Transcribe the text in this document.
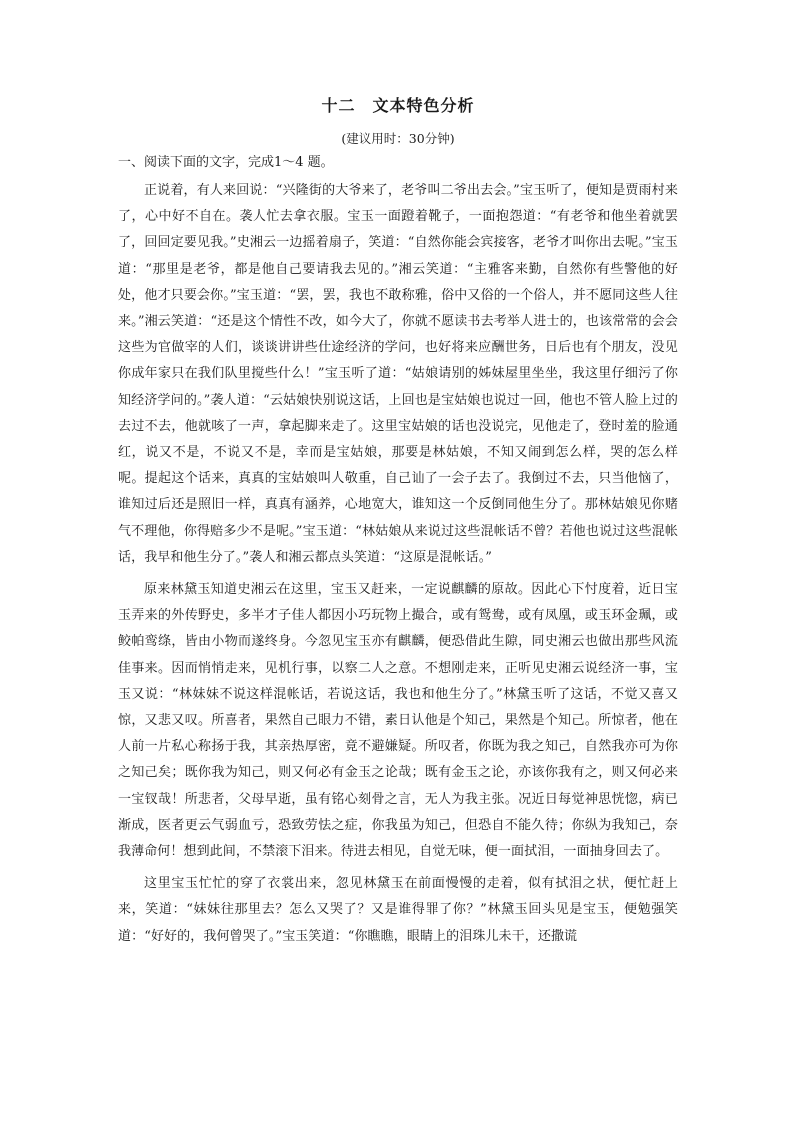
十二　文本特色分析
(建议用时：30分钟)
一、阅读下面的文字，完成1～4 题。

正说着，有人来回说：“兴隆街的大爷来了，老爷叫二爷出去会。”宝玉听了，便知是贾雨村来了，心中好不自在。袭人忙去拿衣服。宝玉一面蹬着靴子，一面抱怨道：“有老爷和他坐着就罢了，回回定要见我。”史湘云一边摇着扇子，笑道：“自然你能会宾接客，老爷才叫你出去呢。”宝玉道：“那里是老爷，都是他自己要请我去见的。”湘云笑道：“主雅客来勤，自然你有些警他的好处，他才只要会你。”宝玉道：“罢，罢，我也不敢称雅，俗中又俗的一个俗人，并不愿同这些人往来。”湘云笑道：“还是这个情性不改，如今大了，你就不愿读书去考举人进士的，也该常常的会会这些为官做宰的人们，谈谈讲讲些仕途经济的学问，也好将来应酬世务，日后也有个朋友，没见你成年家只在我们队里搅些什么！”宝玉听了道：“姑娘请别的姊妹屋里坐坐，我这里仔细污了你知经济学问的。”袭人道：“云姑娘快别说这话，上回也是宝姑娘也说过一回，他也不管人脸上过的去过不去，他就咳了一声，拿起脚来走了。这里宝姑娘的话也没说完，见他走了，登时羞的脸通红，说又不是，不说又不是，幸而是宝姑娘，那要是林姑娘，不知又闹到怎么样，哭的怎么样呢。提起这个话来，真真的宝姑娘叫人敬重，自己讪了一会子去了。我倒过不去，只当他恼了，谁知过后还是照旧一样，真真有涵养，心地宽大，谁知这一个反倒同他生分了。那林姑娘见你赌气不理他，你得赔多少不是呢。”宝玉道：“林姑娘从来说过这些混帐话不曾？若他也说过这些混帐话，我早和他生分了。”袭人和湘云都点头笑道：“这原是混帐话。”

原来林黛玉知道史湘云在这里，宝玉又赶来，一定说麒麟的原故。因此心下忖度着，近日宝玉弄来的外传野史，多半才子佳人都因小巧玩物上撮合，或有鸳鸯，或有凤凰，或玉环金珮，或鲛帕鸾绦，皆由小物而遂终身。今忽见宝玉亦有麒麟，便恐借此生隙，同史湘云也做出那些风流佳事来。因而悄悄走来，见机行事，以察二人之意。不想刚走来，正听见史湘云说经济一事，宝玉又说：“林妹妹不说这样混帐话，若说这话，我也和他生分了。”林黛玉听了这话，不觉又喜又惊，又悲又叹。所喜者，果然自己眼力不错，素日认他是个知己，果然是个知己。所惊者，他在人前一片私心称扬于我，其亲热厚密，竟不避嫌疑。所叹者，你既为我之知己，自然我亦可为你之知己矣；既你我为知己，则又何必有金玉之论哉；既有金玉之论，亦该你我有之，则又何必来一宝钗哉！所悲者，父母早逝，虽有铭心刻骨之言，无人为我主张。况近日每觉神思恍惚，病已渐成，医者更云气弱血亏，恐致劳怯之症，你我虽为知己，但恐自不能久待；你纵为我知己，奈我薄命何！想到此间，不禁滚下泪来。待进去相见，自觉无味，便一面拭泪，一面抽身回去了。

这里宝玉忙忙的穿了衣裳出来，忽见林黛玉在前面慢慢的走着，似有拭泪之状，便忙赶上来，笑道：“妹妹往那里去？怎么又哭了？又是谁得罪了你？”林黛玉回头见是宝玉，便勉强笑道：“好好的，我何曾哭了。”宝玉笑道：“你瞧瞧，眼睛上的泪珠儿未干，还撒谎
